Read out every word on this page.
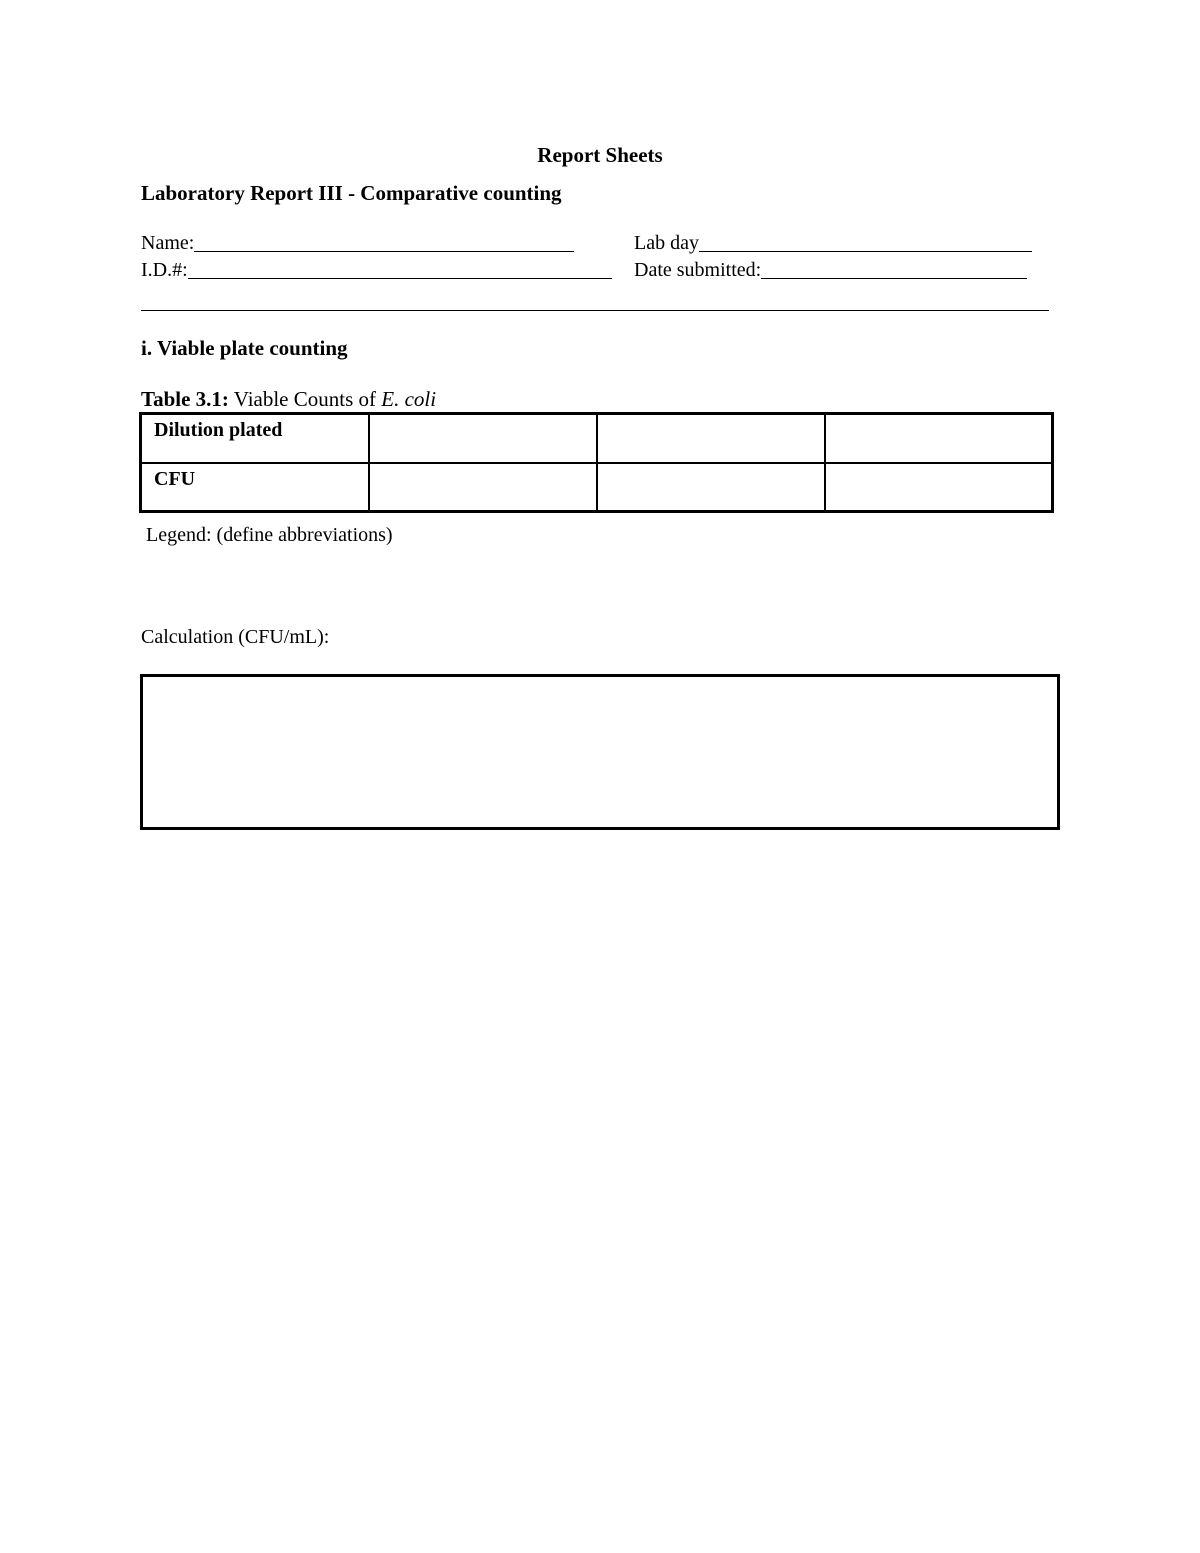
Report Sheets
Laboratory Report III - Comparative counting
Name:	Lab day
I.D.#:	Date submitted:
i. Viable plate counting
Table 3.1: Viable Counts of E. coli
Dilution plated			
CFU			
Legend: (define abbreviations)
Calculation (CFU/mL):
